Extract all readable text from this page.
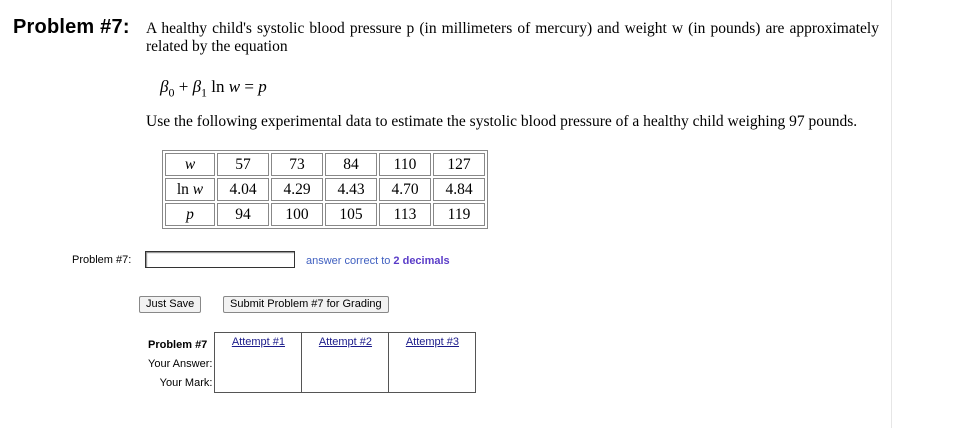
Problem #7: A healthy child's systolic blood pressure p (in millimeters of mercury) and weight w (in pounds) are approximately related by the equation
$\beta_0 + \beta_1$ ln w = p
Use the following experimental data to estimate the systolic blood pressure of a healthy child weighing 97 pounds.
w	57	73	84	110	127
ln w	4.04	4.29	4.43	4.70	4.84
p	94	100	105	113	119
Problem #7:	answer correct to 2 decimals
Just Save	Submit Problem #7 for Grading
Problem #7
Your Answer:
Your Mark:

Attempt #1	Attempt #2	Attempt #3
